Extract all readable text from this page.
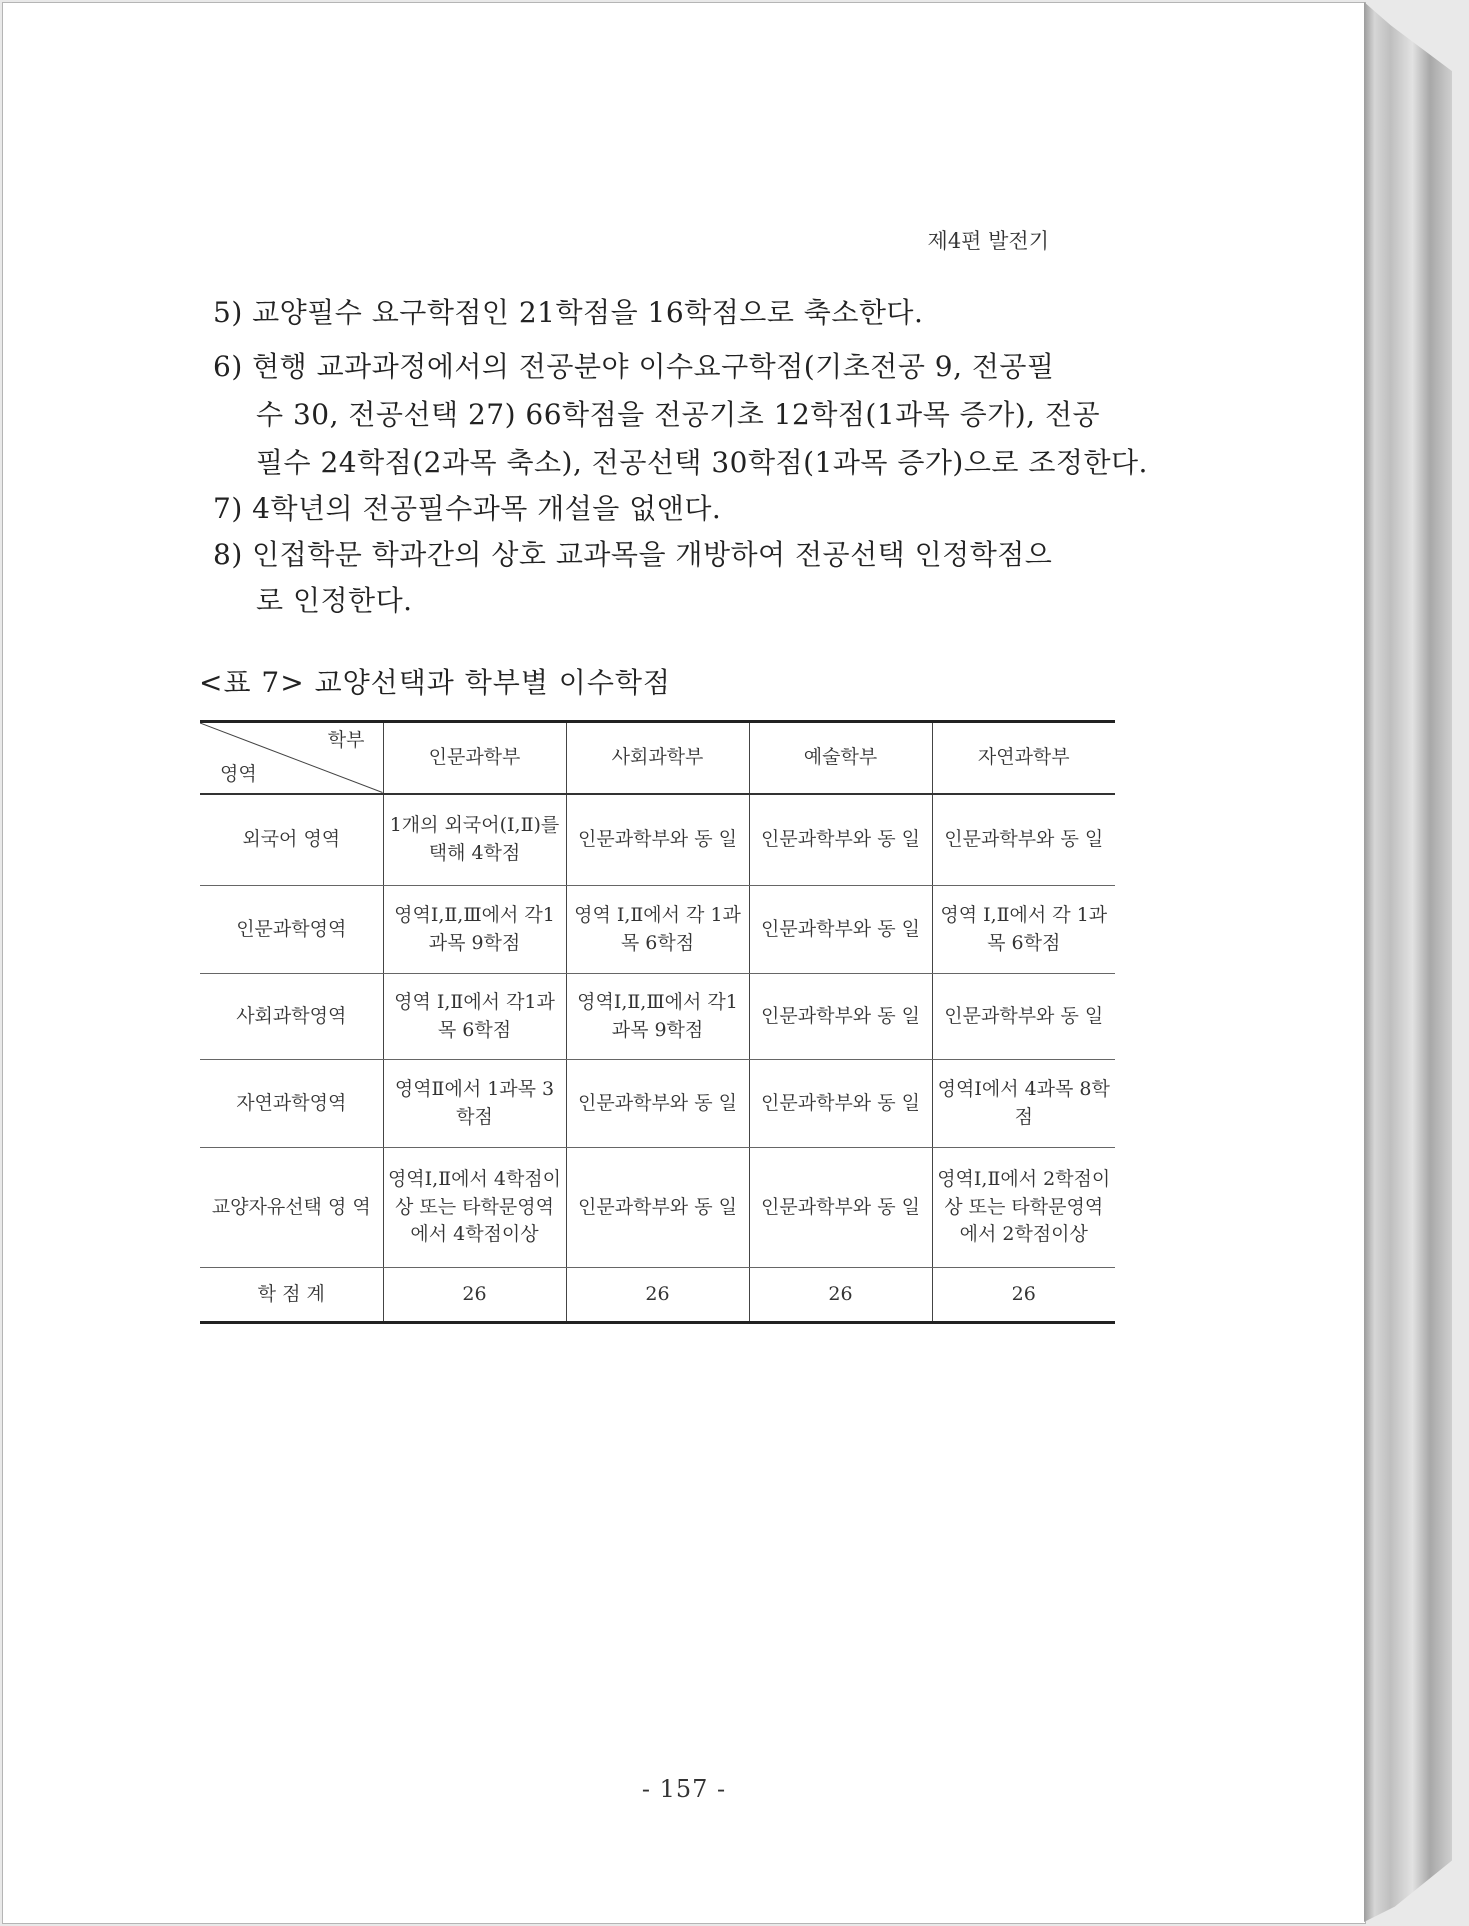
제4편 발전기
5) 교양필수 요구학점인 21학점을 16학점으로 축소한다.
6) 현행 교과과정에서의 전공분야 이수요구학점(기초전공 9, 전공필
수 30, 전공선택 27) 66학점을 전공기초 12학점(1과목 증가), 전공
필수 24학점(2과목 축소), 전공선택 30학점(1과목 증가)으로 조정한다.
7) 4학년의 전공필수과목 개설을 없앤다.
8) 인접학문 학과간의 상호 교과목을 개방하여 전공선택 인정학점으
로 인정한다.
<표 7> 교양선택과 학부별 이수학점
학부
영역	인문과학부	사회과학부	예술학부	자연과학부
외국어 영역	1개의 외국어(Ⅰ,Ⅱ)를 택해 4학점	인문과학부와 동 일	인문과학부와 동 일	인문과학부와 동 일
인문과학영역	영역Ⅰ,Ⅱ,Ⅲ에서 각1과목 9학점	영역 Ⅰ,Ⅱ에서 각 1과목 6학점	인문과학부와 동 일	영역 Ⅰ,Ⅱ에서 각 1과목 6학점
사회과학영역	영역 Ⅰ,Ⅱ에서 각1과목 6학점	영역Ⅰ,Ⅱ,Ⅲ에서 각1과목 9학점	인문과학부와 동 일	인문과학부와 동 일
자연과학영역	영역Ⅱ에서 1과목 3학점	인문과학부와 동 일	인문과학부와 동 일	영역Ⅰ에서 4과목 8학점
교양자유선택 영 역	영역Ⅰ,Ⅱ에서 4학점이상 또는 타학문영역에서 4학점이상	인문과학부와 동 일	인문과학부와 동 일	영역Ⅰ,Ⅱ에서 2학점이상 또는 타학문영역에서 2학점이상
학 점 계	26	26	26	26
- 157 -
